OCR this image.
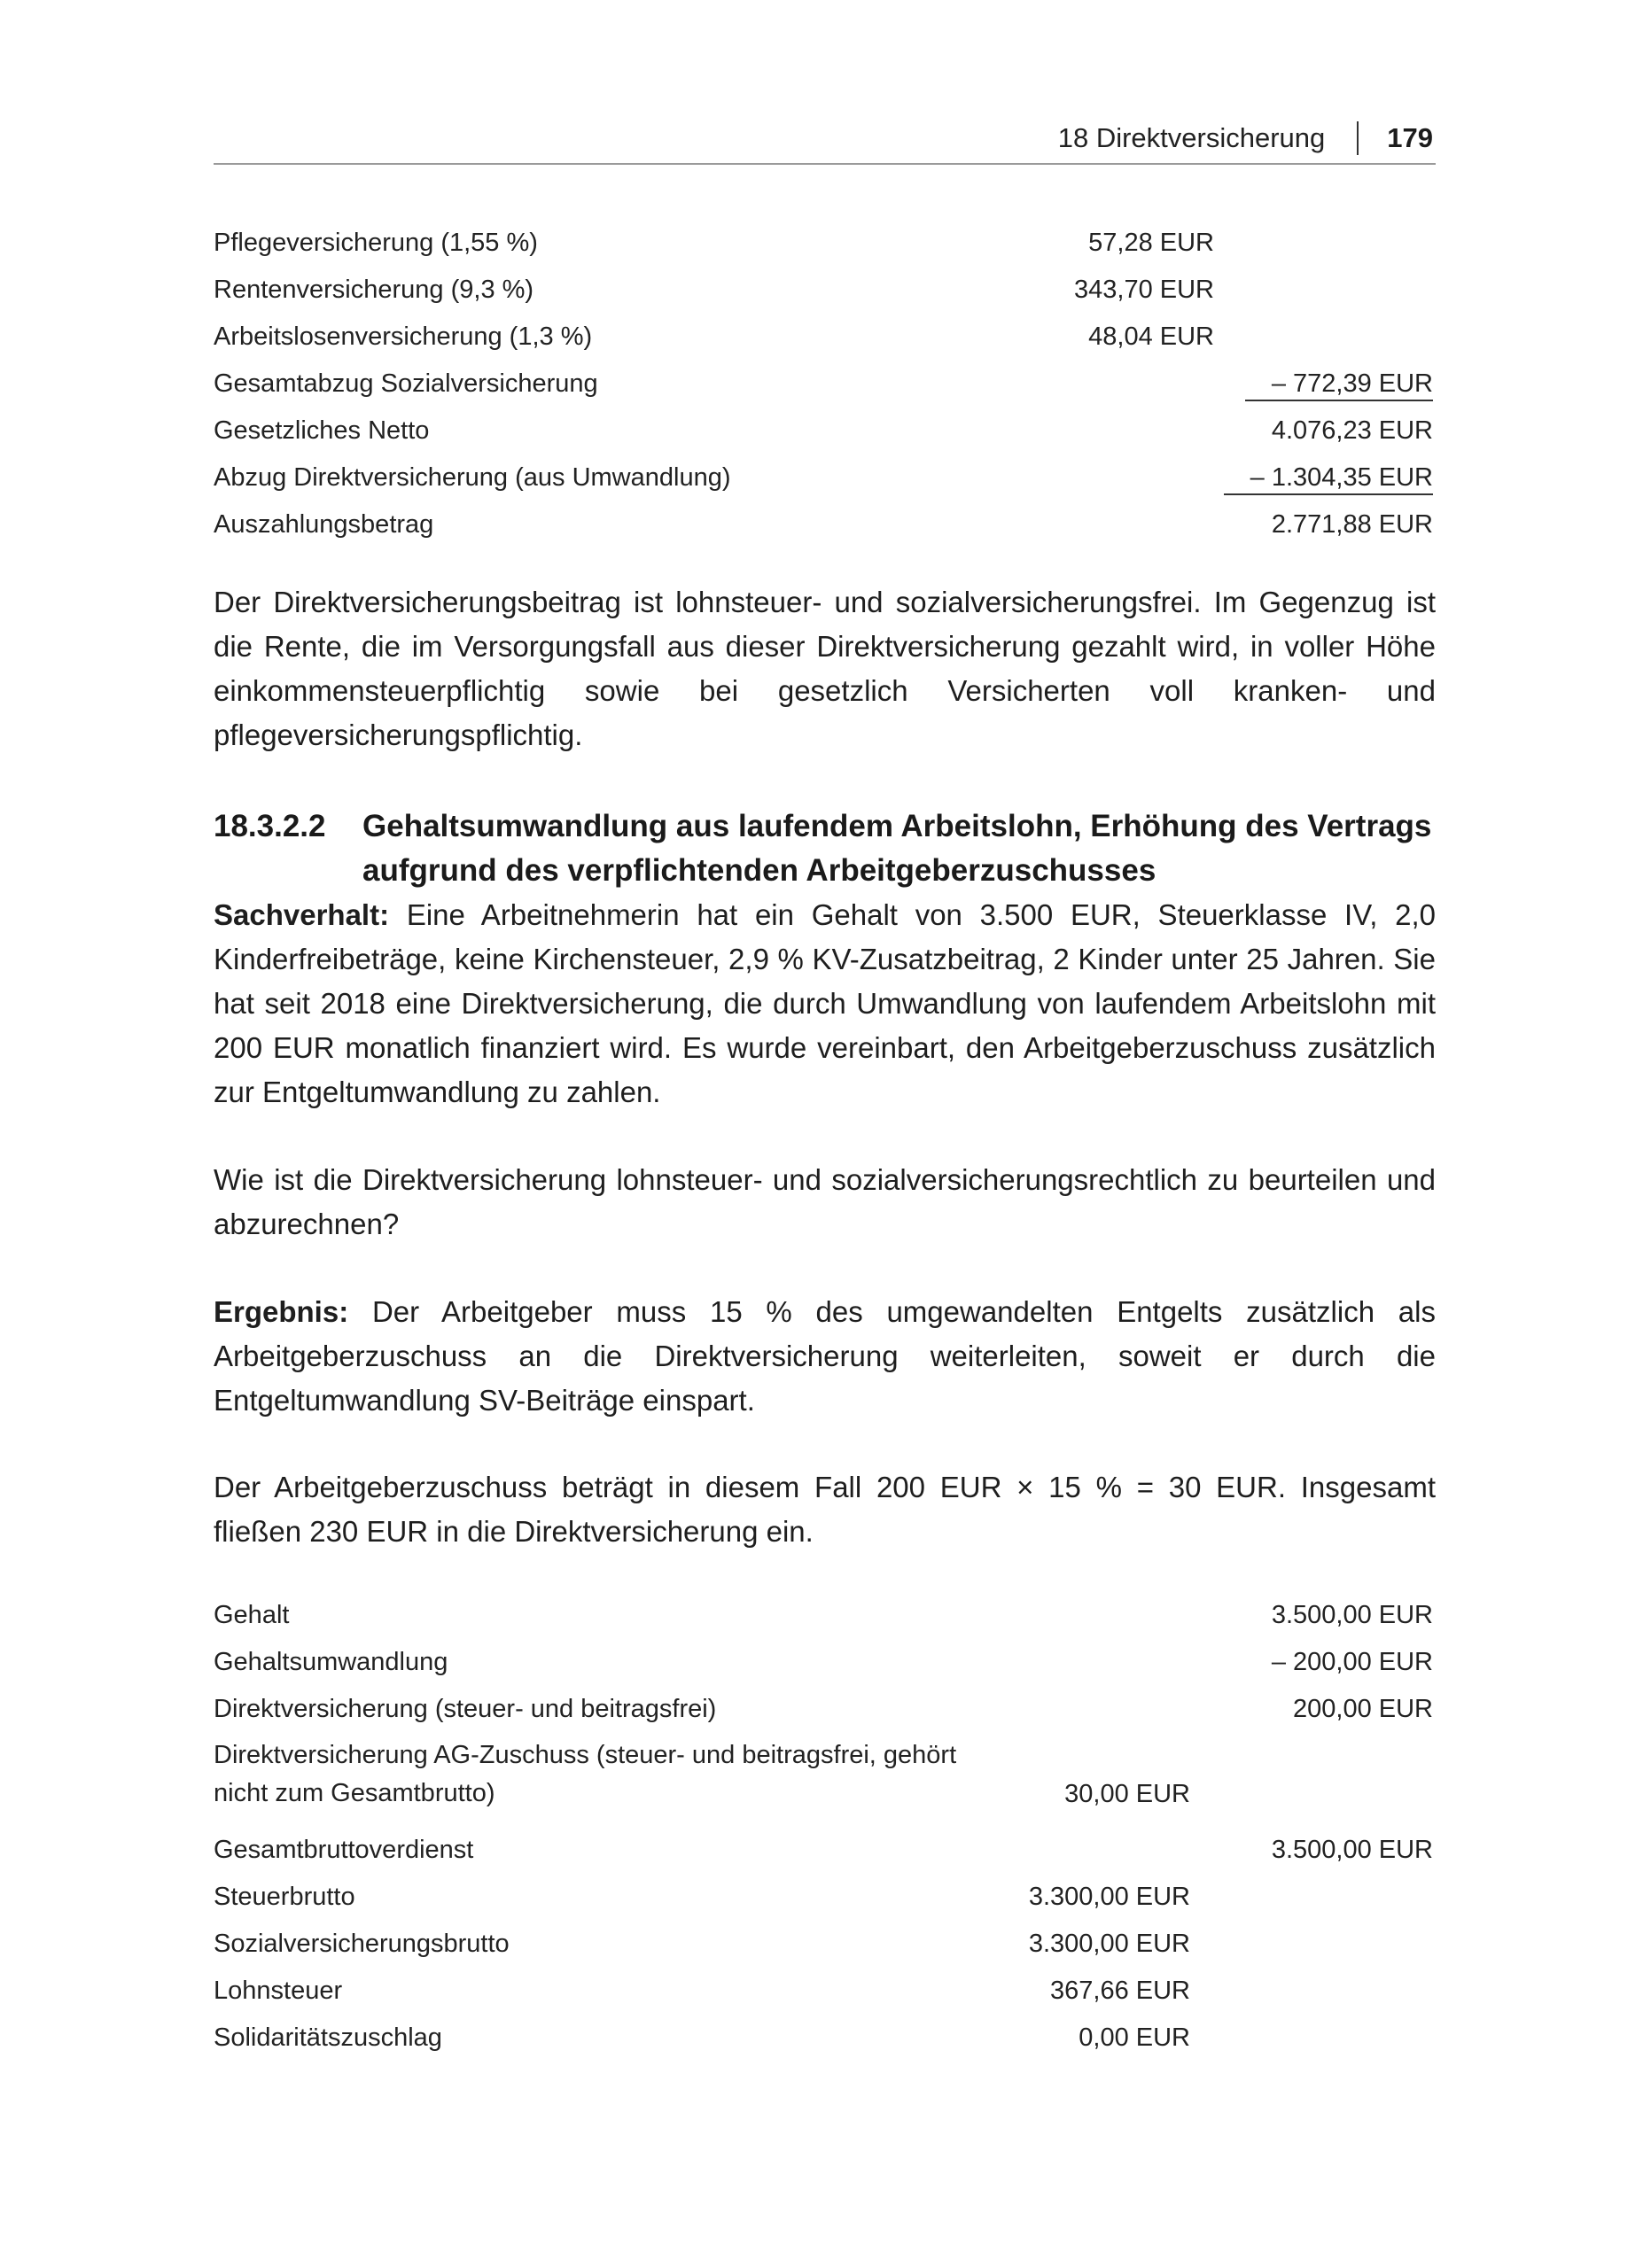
18 Direktversicherung 179
Pflegeversicherung (1,55 %)	57,28 EUR
Rentenversicherung (9,3 %)	343,70 EUR
Arbeitslosenversicherung (1,3 %)	48,04 EUR
Gesamtabzug Sozialversicherung	– 772,39 EUR
Gesetzliches Netto	4.076,23 EUR
Abzug Direktversicherung (aus Umwandlung)	– 1.304,35 EUR
Auszahlungsbetrag	2.771,88 EUR

Der Direktversicherungsbeitrag ist lohnsteuer- und sozialversicherungsfrei. Im Gegenzug ist die Rente, die im Versorgungsfall aus dieser Direktversicherung gezahlt wird, in voller Höhe einkommensteuerpflichtig sowie bei gesetzlich Versicherten voll kranken- und pflegeversicherungspflichtig.

18.3.2.2 Gehaltsumwandlung aus laufendem Arbeitslohn, Erhöhung des Vertrags aufgrund des verpflichtenden Arbeitgeberzuschusses

Sachverhalt: Eine Arbeitnehmerin hat ein Gehalt von 3.500 EUR, Steuerklasse IV, 2,0 Kinderfreibeträge, keine Kirchensteuer, 2,9 % KV-Zusatzbeitrag, 2 Kinder unter 25 Jahren. Sie hat seit 2018 eine Direktversicherung, die durch Umwandlung von laufendem Arbeitslohn mit 200 EUR monatlich finanziert wird. Es wurde vereinbart, den Arbeitgeberzuschuss zusätzlich zur Entgeltumwandlung zu zahlen.

Wie ist die Direktversicherung lohnsteuer- und sozialversicherungsrechtlich zu beurteilen und abzurechnen?

Ergebnis: Der Arbeitgeber muss 15 % des umgewandelten Entgelts zusätzlich als Arbeitgeberzuschuss an die Direktversicherung weiterleiten, soweit er durch die Entgeltumwandlung SV-Beiträge einspart.

Der Arbeitgeberzuschuss beträgt in diesem Fall 200 EUR × 15 % = 30 EUR. Insgesamt fließen 230 EUR in die Direktversicherung ein.

Gehalt	3.500,00 EUR
Gehaltsumwandlung	– 200,00 EUR
Direktversicherung (steuer- und beitragsfrei)	200,00 EUR
Direktversicherung AG-Zuschuss (steuer- und beitragsfrei, gehört nicht zum Gesamtbrutto)	30,00 EUR
Gesamtbruttoverdienst	3.500,00 EUR
Steuerbrutto	3.300,00 EUR
Sozialversicherungsbrutto	3.300,00 EUR
Lohnsteuer	367,66 EUR
Solidaritätszuschlag	0,00 EUR
